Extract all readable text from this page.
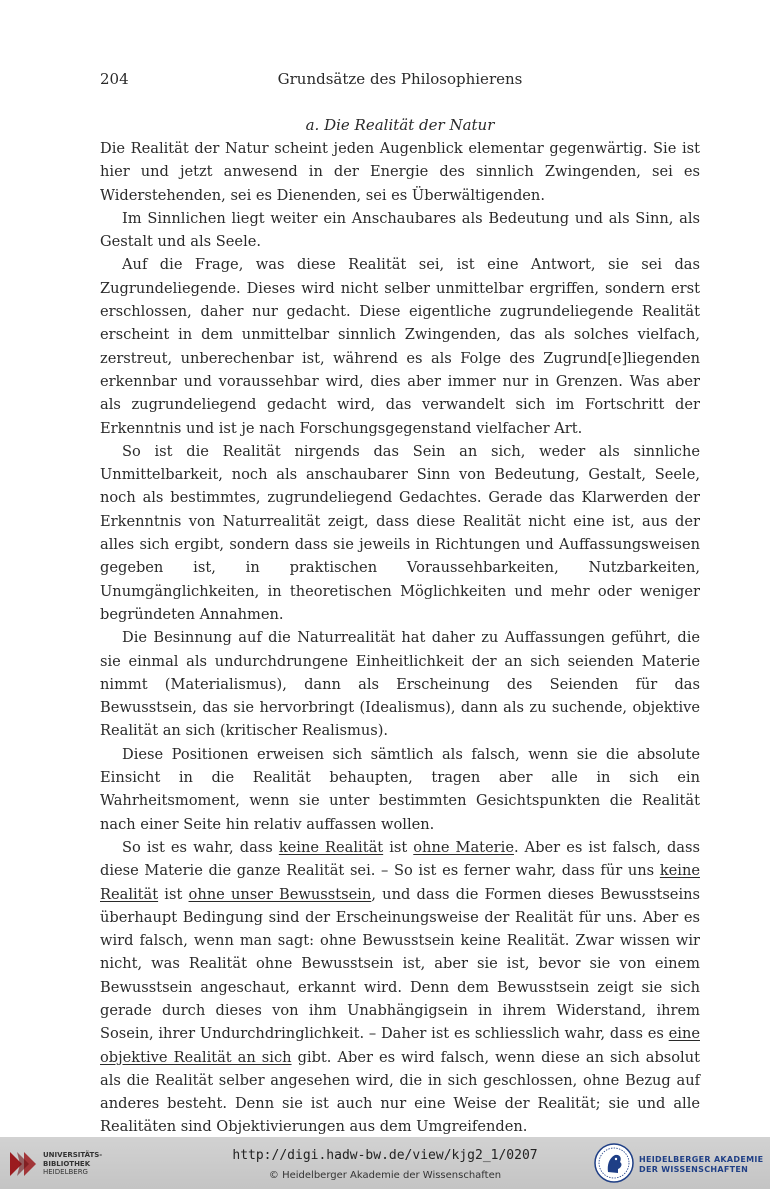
204	Grundsätze des Philosophierens
a. Die Realität der Natur

Die Realität der Natur scheint jeden Augenblick elementar gegenwärtig. Sie ist hier und jetzt anwesend in der Energie des sinnlich Zwingenden, sei es Widerstehenden, sei es Dienenden, sei es Überwältigenden.

Im Sinnlichen liegt weiter ein Anschaubares als Bedeutung und als Sinn, als Gestalt und als Seele.

Auf die Frage, was diese Realität sei, ist eine Antwort, sie sei das Zugrundeliegende. Dieses wird nicht selber unmittelbar ergriffen, sondern erst erschlossen, daher nur gedacht. Diese eigentliche zugrundeliegende Realität erscheint in dem unmittelbar sinnlich Zwingenden, das als solches vielfach, zerstreut, unberechenbar ist, während es als Folge des Zugrund[e]liegenden erkennbar und voraussehbar wird, dies aber immer nur in Grenzen. Was aber als zugrundeliegend gedacht wird, das verwandelt sich im Fortschritt der Erkenntnis und ist je nach Forschungsgegenstand vielfacher Art.

So ist die Realität nirgends das Sein an sich, weder als sinnliche Unmittelbarkeit, noch als anschaubarer Sinn von Bedeutung, Gestalt, Seele, noch als bestimmtes, zugrundeliegend Gedachtes. Gerade das Klarwerden der Erkenntnis von Naturrealität zeigt, dass diese Realität nicht eine ist, aus der alles sich ergibt, sondern dass sie jeweils in Richtungen und Auffassungsweisen gegeben ist, in praktischen Voraussehbarkeiten, Nutzbarkeiten, Unumgänglichkeiten, in theoretischen Möglichkeiten und mehr oder weniger begründeten Annahmen.

Die Besinnung auf die Naturrealität hat daher zu Auffassungen geführt, die sie einmal als undurchdrungene Einheitlichkeit der an sich seienden Materie nimmt (Materialismus), dann als Erscheinung des Seienden für das Bewusstsein, das sie hervorbringt (Idealismus), dann als zu suchende, objektive Realität an sich (kritischer Realismus).

Diese Positionen erweisen sich sämtlich als falsch, wenn sie die absolute Einsicht in die Realität behaupten, tragen aber alle in sich ein Wahrheitsmoment, wenn sie unter bestimmten Gesichtspunkten die Realität nach einer Seite hin relativ auffassen wollen.

So ist es wahr, dass keine Realität ist ohne Materie. Aber es ist falsch, dass diese Materie die ganze Realität sei. – So ist es ferner wahr, dass für uns keine Realität ist ohne unser Bewusstsein, und dass die Formen dieses Bewusstseins überhaupt Bedingung sind der Erscheinungsweise der Realität für uns. Aber es wird falsch, wenn man sagt: ohne Bewusstsein keine Realität. Zwar wissen wir nicht, was Realität ohne Bewusstsein ist, aber sie ist, bevor sie von einem Bewusstsein angeschaut, erkannt wird. Denn dem Bewusstsein zeigt sie sich gerade durch dieses von ihm Unabhängigsein in ihrem Widerstand, ihrem Sosein, ihrer Undurchdringlichkeit. – Daher ist es schliesslich wahr, dass es eine objektive Realität an sich gibt. Aber es wird falsch, wenn diese an sich absolut als die Realität selber angesehen wird, die in sich geschlossen, ohne Bezug auf anderes besteht. Denn sie ist auch nur eine Weise der Realität; sie und alle Realitäten sind Objektivierungen aus dem Umgreifenden.

UNIVERSITÄTS-
BIBLIOTHEK
HEIDELBERG
http://digi.hadw-bw.de/view/kjg2_1/0207
© Heidelberger Akademie der Wissenschaften
HEIDELBERGER AKADEMIE
DER WISSENSCHAFTEN
